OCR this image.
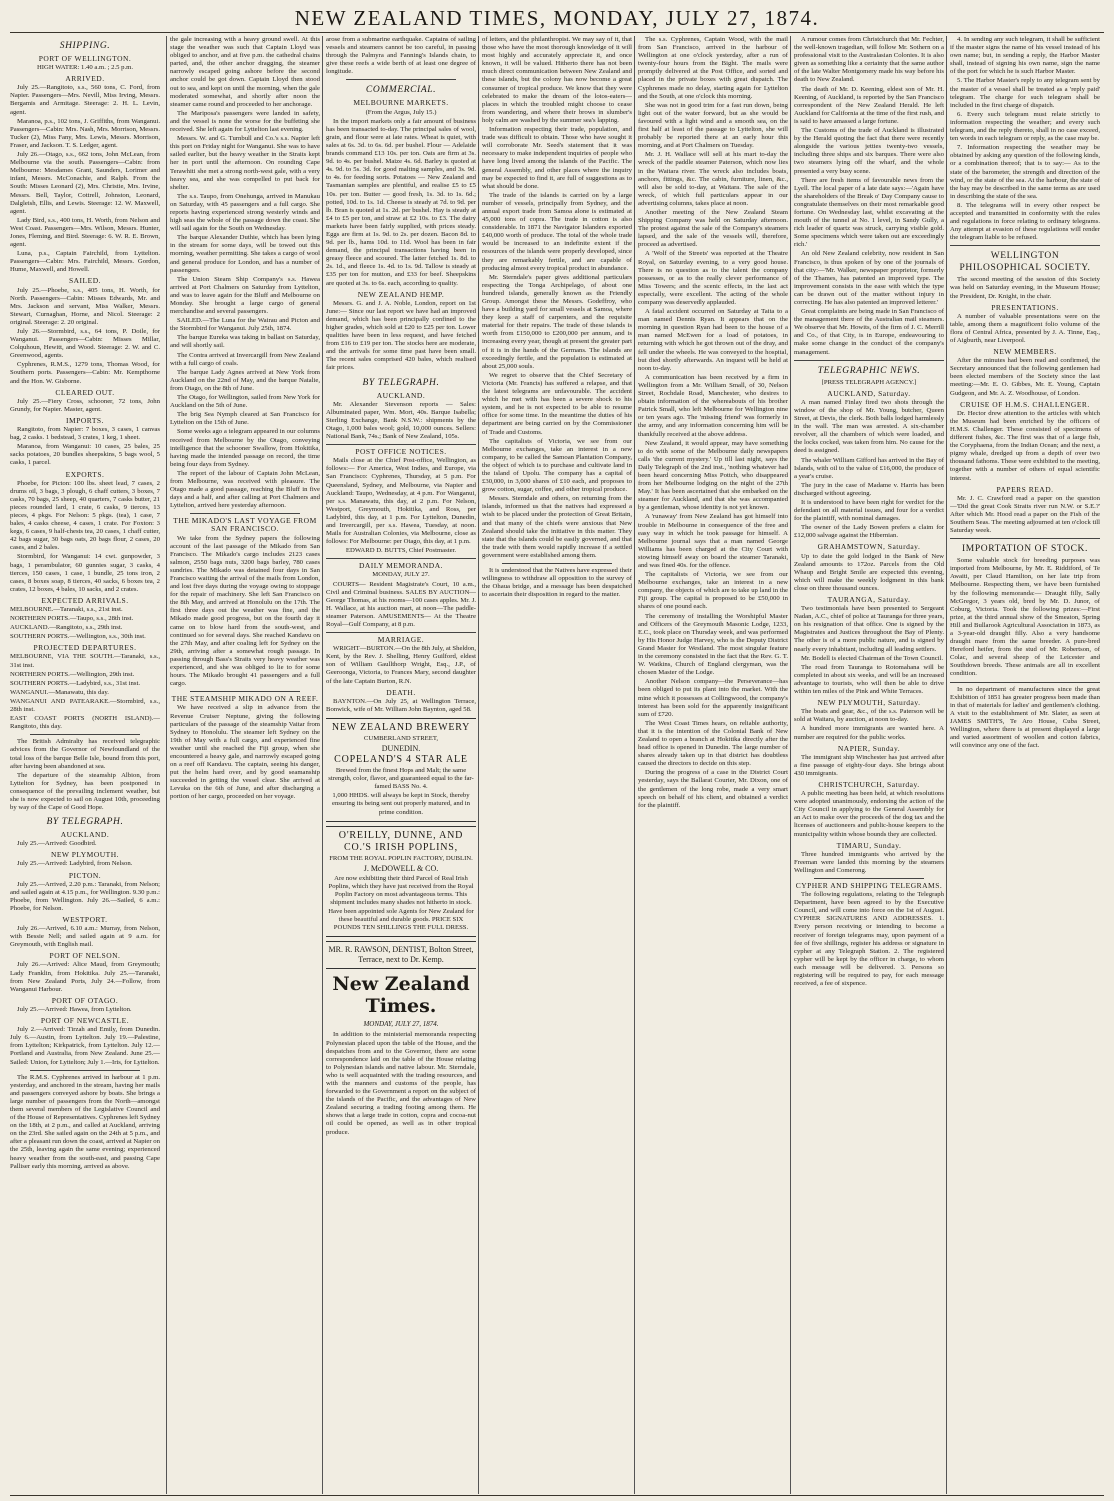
NEW ZEALAND TIMES, MONDAY, JULY 27, 1874.
SHIPPING.
PORT OF WELLINGTON.
HIGH WATER: 1.40 a.m. ; 2.5 p.m.
ARRIVED.

July 25.—Rangitoto, s.s., 560 tons, C. Ford, from Napier. Passengers—Mrs. Nevill, Miss Irving, Messrs. Bergamis and Armitage. Steerage: 2. H. L. Levin, agent.

Maranoa, p.s., 102 tons, J. Griffiths, from Wanganui. Passengers—Cabin: Mrs. Nash, Mrs. Morrison, Messrs. Tucker (2), Miss Fany, Mrs. Lewis, Messrs. Morrison, Fraser, and Jackson. T. S. Ledger, agent.

July 26.—Otago, s.s., 662 tons, John McLean, from Melbourne via the south. Passengers—Cabin: from Melbourne: Mesdames Grant, Saunders, Lorimer and infant, Messrs. McConachie, and Ralph. From the South: Misses Leonard (2), Mrs. Christie, Mrs. Irvine, Messrs. Bell, Taylor, Cottrell, Johnston, Leonard, Dalgleish, Ellis, and Lewis. Steerage: 12. W. Maxwell, agent.

Lady Bird, s.s., 400 tons, H. Worth, from Nelson and West Coast. Passengers—Mrs. Wilson, Messrs. Hunter, Jones, Fleming, and Bird. Steerage: 6. W. R. E. Brown, agent.

Luna, p.s., Captain Fairchild, from Lyttelton. Passengers—Cabin: Mrs. Fairchild, Messrs. Gordon, Hume, Maxwell, and Howell.

SAILED.

July 25.—Phoebe, s.s., 405 tons, H. Worth, for North. Passengers—Cabin: Misses Edwards, Mr. and Mrs. Jackson and servant, Miss Walker, Messrs. Stewart, Curnaghan, Horne, and Nicol. Steerage: 2 original. Steerage: 2. 20 original.

July 26.—Stormbird, s.s., 64 tons, P. Doile, for Wanganui. Passengers—Cabin: Misses Millar, Colquhoun, Hewitt, and Wood. Steerage: 2. W. and C. Greenwood, agents.

Cyphrenes, R.M.S., 1279 tons, Thomas Wood, for Southern ports. Passengers—Cabin: Mr. Kempthorne and the Hon. W. Gisborne.

CLEARED OUT.

July 25.—Fiery Cross, schooner, 72 tons, John Grundy, for Napier. Master, agent.

IMPORTS.

Rangitoto, from Napier: 7 boxes, 3 cases, 1 canvas bag, 2 casks. 1 bedstead, 3 crates, 1 keg, 1 sheet.

Maranoa, from Wanganui: 10 cases, 25 bales, 25 sacks potatoes, 20 bundles sheepskins, 5 bags wool, 5 casks, 1 parcel.

EXPORTS.

Phoebe, for Picton: 100 lbs. sheet lead, 7 cases, 2 drums oil, 3 bags, 3 plough, 6 chaff cutters, 3 boxes, 7 casks, 70 bags, 25 sheep, 40 quarters, 7 casks butter, 21 pieces rounded lard, 1 crate, 6 casks, 9 tierces, 13 pieces, 4 pkgs. For Nelson: 5 pkgs. (tea), 1 case, 7 bales, 4 casks cheese, 4 cases, 1 crate. For Foxton: 3 kegs, 6 cases, 9 half-chests tea, 20 cases, 1 chaff cutter, 42 bags sugar, 30 bags oats, 20 bags flour, 2 cases, 20 cases, and 2 bales.

Stormbird, for Wanganui: 14 cwt. gunpowder, 3 bags, 1 perambulator, 60 gunnies sugar, 3 casks, 4 tierces, 150 cases, 1 case, 1 bundle, 25 tons iron, 2 cases, 8 boxes soap, 8 tierces, 40 sacks, 6 boxes tea, 2 crates, 12 boxes, 4 bales, 10 sacks, and 2 crates.

EXPECTED ARRIVALS.

MELBOURNE.—Taranaki, s.s., 21st inst.

NORTHERN PORTS.—Taupo, s.s., 28th inst.

AUCKLAND.—Rangitoto, s.s., 29th inst.

SOUTHERN PORTS.—Wellington, s.s., 30th inst.

PROJECTED DEPARTURES.

MELBOURNE, VIA THE SOUTH.—Taranaki, s.s., 31st inst.

NORTHERN PORTS.—Wellington, 29th inst.

SOUTHERN PORTS.—Ladybird, s.s., 31st inst.

WANGANUI.—Manawatu, this day.

WANGANUI AND PATEARAKE.—Stormbird, s.s., 28th inst.

EAST COAST PORTS (NORTH ISLAND).—Rangitoto, this day.

The British Admiralty has received telegraphic advices from the Governor of Newfoundland of the total loss of the barque Belle Isle, bound from this port, after having been abandoned at sea.

The departure of the steamship Albion, from Lyttelton for Sydney, has been postponed in consequence of the prevailing inclement weather, but she is now expected to sail on August 10th, proceeding by way of the Cape of Good Hope.

BY TELEGRAPH.
AUCKLAND.

July 25.—Arrived: Goodbird.

NEW PLYMOUTH.

July 25.—Arrived: Ladybird, from Nelson.

PICTON.

July 25.—Arrived, 2.20 p.m.: Taranaki, from Nelson; and sailed again at 4.15 p.m., for Wellington. 9.30 p.m.: Phoebe, from Wellington. July 26.—Sailed, 6 a.m.: Phoebe, for Nelson.

WESTPORT.

July 26.—Arrived, 6.10 a.m.: Murray, from Nelson, with Bessie Nell; and sailed again at 9 a.m. for Greymouth, with English mail.

PORT OF NELSON.

July 26.—Arrived: Alice Maud, from Greymouth; Lady Franklin, from Hokitika. July 25.—Taranaki, from New Zealand Ports, July 24.—Follow, from Wanganui Harbour.

PORT OF OTAGO.

July 25.—Arrived: Hawea, from Lyttelton.

PORT OF NEWCASTLE.

July 2.—Arrived: Tirzah and Emily, from Dunedin. July 6.—Austin, from Lyttelton. July 19.—Palestine, from Lyttelton; Kirkpatrick, from Lyttelton. July 12.—Portland and Australia, from New Zealand. June 25.—Sailed: Union, for Lyttelton; July 1.—Iris, for Lyttelton.

The R.M.S. Cyphrenes arrived in harbour at 1 p.m. yesterday, and anchored in the stream, having her mails and passengers conveyed ashore by boats. She brings a large number of passengers from the North—amongst them several members of the Legislative Council and of the House of Representatives. Cyphrenes left Sydney on the 18th, at 2 p.m., and called at Auckland, arriving on the 23rd. She sailed again on the 24th at 5 p.m., and after a pleasant run down the coast, arrived at Napier on the 25th, leaving again the same evening; experienced heavy weather from the south-east, and passing Cape Palliser early this morning, arrived as above.

the gale increasing with a heavy ground swell. At this stage the weather was such that Captain Lloyd was obliged to anchor, and at five p.m. the cathedral chains parted, and, the other anchor dragging, the steamer narrowly escaped going ashore before the second anchor could be got down. Captain Lloyd then stood out to sea, and kept on until the morning, when the gale moderated somewhat, and shortly after noon the steamer came round and proceeded to her anchorage.

The Mariposa's passengers were landed in safety, and the vessel is none the worse for the buffeting she received. She left again for Lyttelton last evening.

Messrs. W. and G. Turnbull and Co.'s s.s. Napier left this port on Friday night for Wanganui. She was to have sailed earlier, but the heavy weather in the Straits kept her in port until the afternoon. On rounding Cape Terawhiti she met a strong north-west gale, with a very heavy sea, and she was compelled to put back for shelter.

The s.s. Taupo, from Onehunga, arrived in Manukau on Saturday, with 45 passengers and a full cargo. She reports having experienced strong westerly winds and high seas the whole of the passage down the coast. She will sail again for the South on Wednesday.

The barque Alexander Duthie, which has been lying in the stream for some days, will be towed out this morning, weather permitting. She takes a cargo of wool and general produce for London, and has a number of passengers.

The Union Steam Ship Company's s.s. Hawea arrived at Port Chalmers on Saturday from Lyttelton, and was to leave again for the Bluff and Melbourne on Monday. She brought a large cargo of general merchandise and several passengers.

SAILED.—The Luna for the Wairau and Picton and the Stormbird for Wanganui. July 25th, 1874.

The barque Eureka was taking in ballast on Saturday, and will shortly sail.

The Contra arrived at Invercargill from New Zealand with a full cargo of coals.

The barque Lady Agnes arrived at New York from Auckland on the 22nd of May, and the barque Natalie, from Otago, on the 8th of June.

The Otago, for Wellington, sailed from New York for Auckland on the 5th of June.

The brig Sea Nymph cleared at San Francisco for Lyttelton on the 15th of June.

Some weeks ago a telegram appeared in our columns received from Melbourne by the Otago, conveying intelligence that the schooner Swallow, from Hokitika, having made the intended passage on record, the time being four days from Sydney.

The report of the labour of Captain John McLean, from Melbourne, was received with pleasure. The Otago made a good passage, reaching the Bluff in five days and a half, and after calling at Port Chalmers and Lyttelton, arrived here yesterday afternoon.

THE MIKADO'S LAST VOYAGE FROM SAN FRANCISCO.

We take from the Sydney papers the following account of the last passage of the Mikado from San Francisco. The Mikado's cargo includes 2123 cases salmon, 2550 bags nuts, 3200 bags barley, 780 cases sundries. The Mikado was detained four days in San Francisco waiting the arrival of the mails from London, and lost five days during the voyage owing to stoppage for the repair of machinery. She left San Francisco on the 8th May, and arrived at Honolulu on the 17th. The first three days out the weather was fine, and the Mikado made good progress, but on the fourth day it came on to blow hard from the south-west, and continued so for several days. She reached Kandavu on the 27th May, and after coaling left for Sydney on the 29th, arriving after a somewhat rough passage. In passing through Bass's Straits very heavy weather was experienced, and she was obliged to lie to for some hours. The Mikado brought 41 passengers and a full cargo.

THE STEAMSHIP MIKADO ON A REEF.

We have received a slip in advance from the Revenue Cruiser Neptune, giving the following particulars of the passage of the steamship Vaitar from Sydney to Honolulu. The steamer left Sydney on the 19th of May with a full cargo, and experienced fine weather until she reached the Fiji group, when she encountered a heavy gale, and narrowly escaped going on a reef off Kandavu. The captain, seeing his danger, put the helm hard over, and by good seamanship succeeded in getting the vessel clear. She arrived at Levuka on the 6th of June, and after discharging a portion of her cargo, proceeded on her voyage.

arose from a submarine earthquake. Captains of sailing vessels and steamers cannot be too careful, in passing through the Palmyra and Fanning's Islands chain, to give these reefs a wide berth of at least one degree of longitude.

COMMERCIAL.
MELBOURNE MARKETS.
(From the Argus, July 15.)

In the import markets only a fair amount of business has been transacted to-day. The principal sales of wool, grain, and flour were at late rates. Wheat is quiet, with sales at 6s. 3d. to 6s. 6d. per bushel. Flour — Adelaide brands command £13 10s. per ton. Oats are firm at 3s. 9d. to 4s. per bushel. Maize 4s. 6d. Barley is quoted at 4s. 9d. to 5s. 3d. for good malting samples, and 3s. 9d. to 4s. for feeding sorts. Potatoes — New Zealand and Tasmanian samples are plentiful, and realise £5 to £5 10s. per ton. Butter — good fresh, 1s. 3d. to 1s. 6d.; potted, 10d. to 1s. 1d. Cheese is steady at 7d. to 9d. per lb. Bran is quoted at 1s. 2d. per bushel. Hay is steady at £4 to £5 per ton, and straw at £2 10s. to £3. The dairy markets have been fairly supplied, with prices steady. Eggs are firm at 1s. 9d. to 2s. per dozen. Bacon 8d. to 9d. per lb., hams 10d. to 11d. Wool has been in fair demand, the principal transactions having been in greasy fleece and scoured. The latter fetched 1s. 8d. to 2s. 1d., and fleece 1s. 4d. to 1s. 9d. Tallow is steady at £35 per ton for mutton, and £33 for beef. Sheepskins are quoted at 3s. to 6s. each, according to quality.

NEW ZEALAND HEMP.

Messrs. G. and J. A. Noble, London, report on 1st June:— Since our last report we have had an improved demand, which has been principally confined to the higher grades, which sold at £20 to £25 per ton. Lower qualities have been in less request, and have fetched from £16 to £19 per ton. The stocks here are moderate, and the arrivals for some time past have been small. The recent sales comprised 420 bales, which realised fair prices.

BY TELEGRAPH.
AUCKLAND.

Mr. Alexander Stevenson reports — Sales: Albuminated paper, Wm. Mort, 40s. Barque Isabella; Sterling Exchange, Bank N.S.W.: shipments by the Otago, 1,000 bales wool; gold, 10,000 ounces. Sellers: National Bank, 74s.; Bank of New Zealand, 105s.

POST OFFICE NOTICES.

Mails close at the Chief Post-office, Wellington, as follows:— For America, West Indies, and Europe, via San Francisco: Cyphrenes, Thursday, at 5 p.m. For Queensland, Sydney, and Melbourne, via Napier and Auckland: Taupo, Wednesday, at 4 p.m. For Wanganui, per s.s. Manawatu, this day, at 2 p.m. For Nelson, Westport, Greymouth, Hokitika, and Ross, per Ladybird, this day, at 1 p.m. For Lyttelton, Dunedin, and Invercargill, per s.s. Hawea, Tuesday, at noon. Mails for Australian Colonies, via Melbourne, close as follows: For Melbourne: per Otago, this day, at 1 p.m.

EDWARD D. BUTTS, Chief Postmaster.
DAILY MEMORANDA.
MONDAY, JULY 27.

COURTS— Resident Magistrate's Court, 10 a.m., Civil and Criminal business. SALES BY AUCTION— George Thomas, at his rooms—100 cases apples. Mr. J. H. Wallace, at his auction mart, at noon—The paddle-steamer Paterson. AMUSEMENTS— At the Theatre Royal—Gulf Company, at 8 p.m.

MARRIAGE.

WRIGHT—BURTON.—On the 8th July, at Sheldon, Kent, by the Rev. J. Shelling, Henry Guilford, eldest son of William Gaullthorp Wright, Esq., J.P., of Geeroonga, Victoria, to Frances Mary, second daughter of the late Captain Burton, R.N.

DEATH.

BAYNTON.—On July 25, at Wellington Terrace, Bonwick, wife of Mr. William John Baynton, aged 58.

NEW ZEALAND BREWERY
CUMBERLAND STREET,
DUNEDIN.
COPELAND'S 4 STAR ALE
Brewed from the finest Hops and Malt; the same strength, color, flavor, and guaranteed equal to the far-famed BASS No. 4.
1,000 HHDS. will always be kept in Stock, thereby ensuring its being sent out properly matured, and in prime condition.
O'REILLY, DUNNE, AND CO.'S IRISH POPLINS,
FROM THE ROYAL POPLIN FACTORY, DUBLIN.
J. McDOWELL & CO.
Are now exhibiting their third Parcel of Real Irish Poplins, which they have just received from the Royal Poplin Factory on most advantageous terms. This shipment includes many shades not hitherto in stock.
Have been appointed sole Agents for New Zealand for these beautiful and durable goods. PRICE SIX POUNDS TEN SHILLINGS THE FULL DRESS.
MR. R. RAWSON, DENTIST, Bolton Street, Terrace, next to Dr. Kemp.
New Zealand Times.
MONDAY, JULY 27, 1874.

In addition to the ministerial memoranda respecting Polynesian placed upon the table of the House, and the despatches from and to the Governor, there are some correspondence laid on the table of the House relating to Polynesian islands and native labour. Mr. Sterndale, who is well acquainted with the trading resources, and with the manners and customs of the people, has forwarded to the Government a report on the subject of the islands of the Pacific, and the advantages of New Zealand securing a trading footing among them. He shows that a large trade in cotton, copra and cocoa-nut oil could be opened, as well as in other tropical produce.

of letters, and the philanthropist. We may say of it, that those who have the most thorough knowledge of it will most highly and accurately appreciate it, and once known, it will be valued. Hitherto there has not been much direct communication between New Zealand and these islands, but the colony has now become a great consumer of tropical produce. We know that they were celebrated to make the dream of the lotos-eaters—places in which the troubled might choose to cease from wandering, and where their brows in slumber's holy calm are washed by the summer sea's lapping.

Information respecting their trade, population, and trade was difficult to obtain. Those who have sought it will corroborate Mr. Seed's statement that it was necessary to make independent inquiries of people who have long lived among the islands of the Pacific. The general Assembly, and other places where the inquiry may be expected to find it, are full of suggestions as to what should be done.

The trade of the islands is carried on by a large number of vessels, principally from Sydney, and the annual export trade from Samoa alone is estimated at 45,000 tons of copra. The trade in cotton is also considerable. In 1871 the Navigator Islanders exported £40,000 worth of produce. The total of the whole trade would be increased to an indefinite extent if the resources of the islands were properly developed, since they are remarkably fertile, and are capable of producing almost every tropical product in abundance.

Mr. Sterndale's paper gives additional particulars respecting the Tonga Archipelago, of about one hundred islands, generally known as the Friendly Group. Amongst these the Messrs. Godeffroy, who have a building yard for small vessels at Samoa, where they keep a staff of carpenters, and the requisite material for their repairs. The trade of these islands is worth from £150,000 to £200,000 per annum, and is increasing every year, though at present the greater part of it is in the hands of the Germans. The islands are exceedingly fertile, and the population is estimated at about 25,000 souls.

We regret to observe that the Chief Secretary of Victoria (Mr. Francis) has suffered a relapse, and that the latest telegrams are unfavourable. The accident which he met with has been a severe shock to his system, and he is not expected to be able to resume office for some time. In the meantime the duties of his department are being carried on by the Commissioner of Trade and Customs.

The capitalists of Victoria, we see from our Melbourne exchanges, take an interest in a new company, to be called the Samoan Plantation Company, the object of which is to purchase and cultivate land in the island of Upolu. The company has a capital of £30,000, in 3,000 shares of £10 each, and proposes to grow cotton, sugar, coffee, and other tropical produce.

Messrs. Sterndale and others, on returning from the islands, informed us that the natives had expressed a wish to be placed under the protection of Great Britain, and that many of the chiefs were anxious that New Zealand should take the initiative in this matter. They state that the islands could be easily governed, and that the trade with them would rapidly increase if a settled government were established among them.

It is understood that the Natives have expressed their willingness to withdraw all opposition to the survey of the Ohaua bridge, and a message has been despatched to ascertain their disposition in regard to the matter.

The s.s. Cyphrenes, Captain Wood, with the mail from San Francisco, arrived in the harbour of Wellington at one o'clock yesterday, after a run of twenty-four hours from the Bight. The mails were promptly delivered at the Post Office, and sorted and placed in the private boxes with great dispatch. The Cyphrenes made no delay, starting again for Lyttelton and the South, at one o'clock this morning.

She was not in good trim for a fast run down, being light out of the water forward, but as she would be favoured with a light wind and a smooth sea, on the first half at least of the passage to Lyttelton, she will probably be reported there at an early hour this morning, and at Port Chalmers on Tuesday.

Mr. J. H. Wallace will sell at his mart to-day the wreck of the paddle steamer Paterson, which now lies in the Waitara river. The wreck also includes boats, anchors, fittings, &c. The cabin, furniture, linen, &c., will also be sold to-day, at Waitara. The sale of the wreck, of which full particulars appear in our advertising columns, takes place at noon.

Another meeting of the New Zealand Steam Shipping Company was held on Saturday afternoon. The protest against the sale of the Company's steamers lapsed, and the sale of the vessels will, therefore, proceed as advertised.

A 'Wolf of the Streets' was reported at the Theatre Royal, on Saturday evening, to a very good house. There is no question as to the talent the company possesses, or as to the really clever performance of Miss Towers; and the scenic effects, in the last act especially, were excellent. The acting of the whole company was deservedly applauded.

A fatal accident occurred on Saturday at Taita to a man named Dennis Ryan. It appears that on the morning in question Ryan had been to the house of a man named McEwen for a load of potatoes, in returning with which he got thrown out of the dray, and fell under the wheels. He was conveyed to the hospital, but died shortly afterwards. An inquest will be held at noon to-day.

A communication has been received by a firm in Wellington from a Mr. William Small, of 30, Nelson Street, Rochdale Road, Manchester, who desires to obtain information of the whereabouts of his brother Patrick Small, who left Melbourne for Wellington nine or ten years ago. The 'missing friend' was formerly in the army, and any information concerning him will be thankfully received at the above address.

New Zealand, it would appear, may have something to do with some of the Melbourne daily newspapers calls 'the current mystery.' Up till last night, says the Daily Telegraph of the 2nd inst., 'nothing whatever had been heard concerning Miss Pottch, who disappeared from her Melbourne lodging on the night of the 27th May.' It has been ascertained that she embarked on the steamer for Auckland, and that she was accompanied by a gentleman, whose identity is not yet known.

A 'runaway' from New Zealand has got himself into trouble in Melbourne in consequence of the free and easy way in which he took passage for himself. A Melbourne journal says that a man named George Williams has been charged at the City Court with stowing himself away on board the steamer Taranaki, and was fined 40s. for the offence.

The capitalists of Victoria, we see from our Melbourne exchanges, take an interest in a new company, the objects of which are to take up land in the Fiji group. The capital is proposed to be £50,000 in shares of one pound each.

The ceremony of installing the Worshipful Master and Officers of the Greymouth Masonic Lodge, 1233, E.C., took place on Thursday week, and was performed by His Honor Judge Harvey, who is the Deputy District Grand Master for Westland. The most singular feature in the ceremony consisted in the fact that the Rev. G. T. W. Watkins, Church of England clergyman, was the chosen Master of the Lodge.

Another Nelson company—the Perseverance—has been obliged to put its plant into the market. With the mine which it possesses at Collingwood, the company's interest has been sold for the apparently insignificant sum of £720.

The West Coast Times hears, on reliable authority, that it is the intention of the Colonial Bank of New Zealand to open a branch at Hokitika directly after the head office is opened in Dunedin. The large number of shares already taken up in that district has doubtless caused the directors to decide on this step.

During the progress of a case in the District Court yesterday, says the Ballarat Courier, Mr. Dixon, one of the gentlemen of the long robe, made a very smart speech on behalf of his client, and obtained a verdict for the plaintiff.

A rumour comes from Christchurch that Mr. Fechter, the well-known tragedian, will follow Mr. Sothern on a professional visit to the Australasian Colonies. It is also given as something like a certainty that the same author of the late Walter Montgomery made his way before his death to New Zealand.

The death of Mr. D. Keening, eldest son of Mr. H. Keening, of Auckland, is reported by the San Francisco correspondent of the New Zealand Herald. He left Auckland for California at the time of the first rush, and is said to have amassed a large fortune.

The Customs of the trade of Auckland is illustrated by the Herald quoting the fact that there were recently alongside the various jetties twenty-two vessels, including three ships and six barques. There were also two steamers lying off the wharf, and the whole presented a very busy scene.

There are fresh items of favourable news from the Lyell. The local paper of a late date says:—'Again have the shareholders of the Break o' Day Company cause to congratulate themselves on their most remarkable good fortune. On Wednesday last, whilst excavating at the mouth of the tunnel at No. 1 level, in Sandy Gully, a rich leader of quartz was struck, carrying visible gold. Some specimens which were taken out are exceedingly rich.'

An old New Zealand celebrity, now resident in San Francisco, is thus spoken of by one of the journals of that city:—'Mr. Walker, newspaper proprietor, formerly of the Thames, has patented an improved type. The improvement consists in the ease with which the type can be drawn out of the matter without injury in correcting. He has also patented an improved letterer.'

Great complaints are being made in San Francisco of the management there of the Australian mail steamers. We observe that Mr. Howits, of the firm of J. C. Merrill and Co., of that City, is in Europe, endeavouring to make some change in the conduct of the company's management.

TELEGRAPHIC NEWS.
[PRESS TELEGRAPH AGENCY.]
AUCKLAND, Saturday.

A man named Finlay fired two shots through the window of the shop of Mr. Young, butcher, Queen Street, at Devis, the clerk. Both balls lodged harmlessly in the wall. The man was arrested. A six-chamber revolver, all the chambers of which were loaded, and the locks cocked, was taken from him. No cause for the deed is assigned.

The whaler William Gifford has arrived in the Bay of Islands, with oil to the value of £16,000, the produce of a year's cruise.

The jury in the case of Madame v. Harris has been discharged without agreeing.

It is understood to have been right for verdict for the defendant on all material issues, and four for a verdict for the plaintiff, with nominal damages.

The owner of the Lady Bowen prefers a claim for £12,000 salvage against the Hibernian.

GRAHAMSTOWN, Saturday.

Up to date the gold lodged in the Bank of New Zealand amounts to 172oz. Parcels from the Old Whaup and Bright Smile are expected this evening, which will make the weekly lodgment in this bank close on three thousand ounces.

TAURANGA, Saturday.

Two testimonials have been presented to Sergeant Nadan, A.C., chief of police at Tauranga for three years, on his resignation of that office. One is signed by the Magistrates and Justices throughout the Bay of Plenty. The other is of a more public nature, and is signed by nearly every inhabitant, including all leading settlers.

Mr. Bodell is elected Chairman of the Town Council.

The road from Tauranga to Rotomahana will be completed in about six weeks, and will be an increased advantage to tourists, who will then be able to drive within ten miles of the Pink and White Terraces.

NEW PLYMOUTH, Saturday.

The boats and gear, &c., of the s.s. Paterson will be sold at Waitara, by auction, at noon to-day.

A hundred more immigrants are wanted here. A number are required for the public works.

NAPIER, Sunday.

The immigrant ship Winchester has just arrived after a fine passage of eighty-four days. She brings about 430 immigrants.

CHRISTCHURCH, Saturday.

A public meeting has been held, at which resolutions were adopted unanimously, endorsing the action of the City Council in applying to the General Assembly for an Act to make over the proceeds of the dog tax and the licenses of auctioneers and public-house keepers to the municipality within whose bounds they are collected.

TIMARU, Sunday.

Three hundred immigrants who arrived by the Freeman were landed this morning by the steamers Wellington and Comerong.

CYPHER AND SHIPPING TELEGRAMS.

The following regulations, relating to the Telegraph Department, have been agreed to by the Executive Council, and will come into force on the 1st of August. CYPHER SIGNATURES AND ADDRESSES. 1. Every person receiving or intending to become a receiver of foreign telegrams may, upon payment of a fee of five shillings, register his address or signature in cypher at any Telegraph Station. 2. The registered cypher will be kept by the officer in charge, to whom each message will be delivered. 3. Persons so registering will be required to pay, for each message received, a fee of sixpence.

4. In sending any such telegram, it shall be sufficient if the master signs the name of his vessel instead of his own name; but, in sending a reply, the Harbor Master shall, instead of signing his own name, sign the name of the port for which he is such Harbor Master.

5. The Harbor Master's reply to any telegram sent by the master of a vessel shall be treated as a 'reply paid' telegram. The charge for such telegram shall be included in the first charge of dispatch.

6. Every such telegram must relate strictly to information respecting the weather; and every such telegram, and the reply thereto, shall in no case exceed, ten words in each telegram or reply, as the case may be.

7. Information respecting the weather may be obtained by asking any question of the following kinds, or a combination thereof; that is to say:— As to the state of the barometer, the strength and direction of the wind, or the state of the sea. At the harbour, the state of the bay may be described in the same terms as are used in describing the state of the sea.

8. The telegrams will in every other respect be accepted and transmitted in conformity with the rules and regulations in force relating to ordinary telegrams. Any attempt at evasion of these regulations will render the telegram liable to be refused.

WELLINGTON PHILOSOPHICAL SOCIETY.

The second meeting of the session of this Society was held on Saturday evening, in the Museum House; the President, Dr. Knight, in the chair.

PRESENTATIONS.

A number of valuable presentations were on the table, among them a magnificent folio volume of the flora of Central Africa, presented by J. A. Tinne, Esq., of Aigburth, near Liverpool.

NEW MEMBERS.

After the minutes had been read and confirmed, the Secretary announced that the following gentlemen had been elected members of the Society since the last meeting:—Mr. E. O. Gibbes, Mr. E. Young, Captain Gudgeon, and Mr. A. Z. Woodhouse, of London.

CRUISE OF H.M.S. CHALLENGER.

Dr. Hector drew attention to the articles with which the Museum had been enriched by the officers of H.M.S. Challenger. These consisted of specimens of different fishes, &c. The first was that of a large fish, the Coryphaena, from the Indian Ocean; and the next, a pigmy whale, dredged up from a depth of over two thousand fathoms. These were exhibited to the meeting, together with a number of others of equal scientific interest.

PAPERS READ.

Mr. J. C. Crawford read a paper on the question—'Did the great Cook Straits river run N.W. or S.E.?' After which Mr. Hood read a paper on the Fish of the Southern Seas. The meeting adjourned at ten o'clock till Saturday week.

IMPORTATION OF STOCK.

Some valuable stock for breeding purposes was imported from Melbourne, by Mr. E. Riddiford, of Te Awaiti, per Claud Hamilton, on her late trip from Melbourne. Respecting them, we have been furnished by the following memoranda:— Draught filly, Sally McGregor, 3 years old, bred by Mr. D. Junor, of Coburg, Victoria. Took the following prizes:—First prize, at the third annual show of the Smeaton, Spring Hill and Bullarook Agricultural Association in 1873, as a 3-year-old draught filly. Also a very handsome draught mare from the same breeder. A pure-bred Hereford heifer, from the stud of Mr. Robertson, of Colac, and several sheep of the Leicester and Southdown breeds. These animals are all in excellent condition.

In no department of manufactures since the great Exhibition of 1851 has greater progress been made than in that of materials for ladies' and gentlemen's clothing. A visit to the establishment of Mr. Slater, as seen at JAMES SMITH'S, Te Aro House, Cuba Street, Wellington, where there is at present displayed a large and varied assortment of woollen and cotton fabrics, will convince any one of the fact.
